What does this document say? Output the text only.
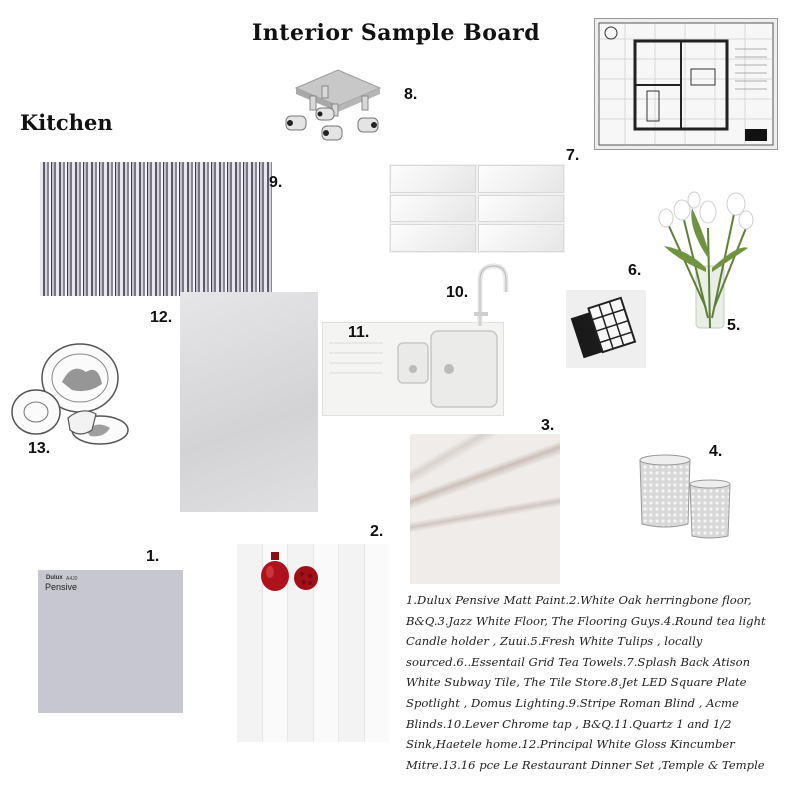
Interior Sample Board
Kitchen
Dulux A4J0
Pensive
1.
2.
3.
4.
5.
6.
7.
8.
9.
10.
11.
12.
13.
1.Dulux Pensive Matt Paint.2.White Oak herringbone floor, B&Q.3.Jazz White Floor, The Flooring Guys.4.Round tea light Candle holder , Zuui.5.Fresh White Tulips , locally sourced.6..Essentail Grid Tea Towels.7.Splash Back Atison White Subway Tile, The Tile Store.8.Jet LED Square Plate Spotlight , Domus Lighting.9.Stripe Roman Blind , Acme Blinds.10.Lever Chrome tap , B&Q.11.Quartz 1 and 1/2 Sink,Haetele home.12.Principal White Gloss Kincumber Mitre.13.16 pce Le Restaurant Dinner Set ,Temple & Temple
